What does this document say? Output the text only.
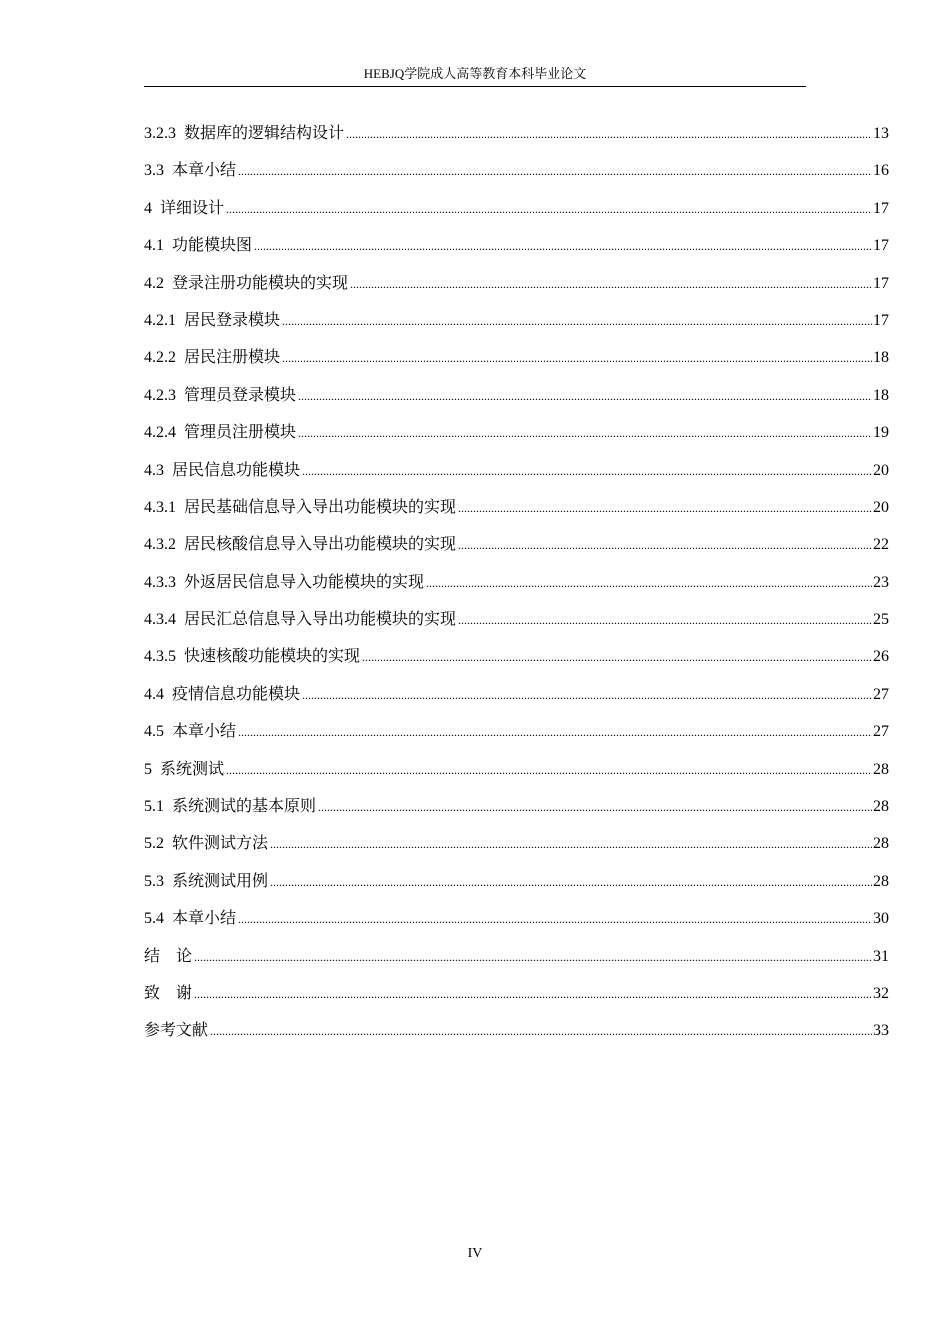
HEBJQ学院成人高等教育本科毕业论文
3.2.3  数据库的逻辑结构设计 .....	13
3.3  本章小结 .....	16
4  详细设计 .....	17
4.1  功能模块图 .....	17
4.2  登录注册功能模块的实现 .....	17
4.2.1  居民登录模块 .....	17
4.2.2  居民注册模块 .....	18
4.2.3  管理员登录模块 .....	18
4.2.4  管理员注册模块 .....	19
4.3  居民信息功能模块 .....	20
4.3.1  居民基础信息导入导出功能模块的实现 .....	20
4.3.2  居民核酸信息导入导出功能模块的实现 .....	22
4.3.3  外返居民信息导入功能模块的实现 .....	23
4.3.4  居民汇总信息导入导出功能模块的实现 .....	25
4.3.5  快速核酸功能模块的实现 .....	26
4.4  疫情信息功能模块 .....	27
4.5  本章小结 .....	27
5  系统测试 .....	28
5.1  系统测试的基本原则 .....	28
5.2  软件测试方法 .....	28
5.3  系统测试用例 .....	28
5.4  本章小结 .....	30
结    论 .....	31
致    谢 .....	32
参考文献 .....	33
IV
